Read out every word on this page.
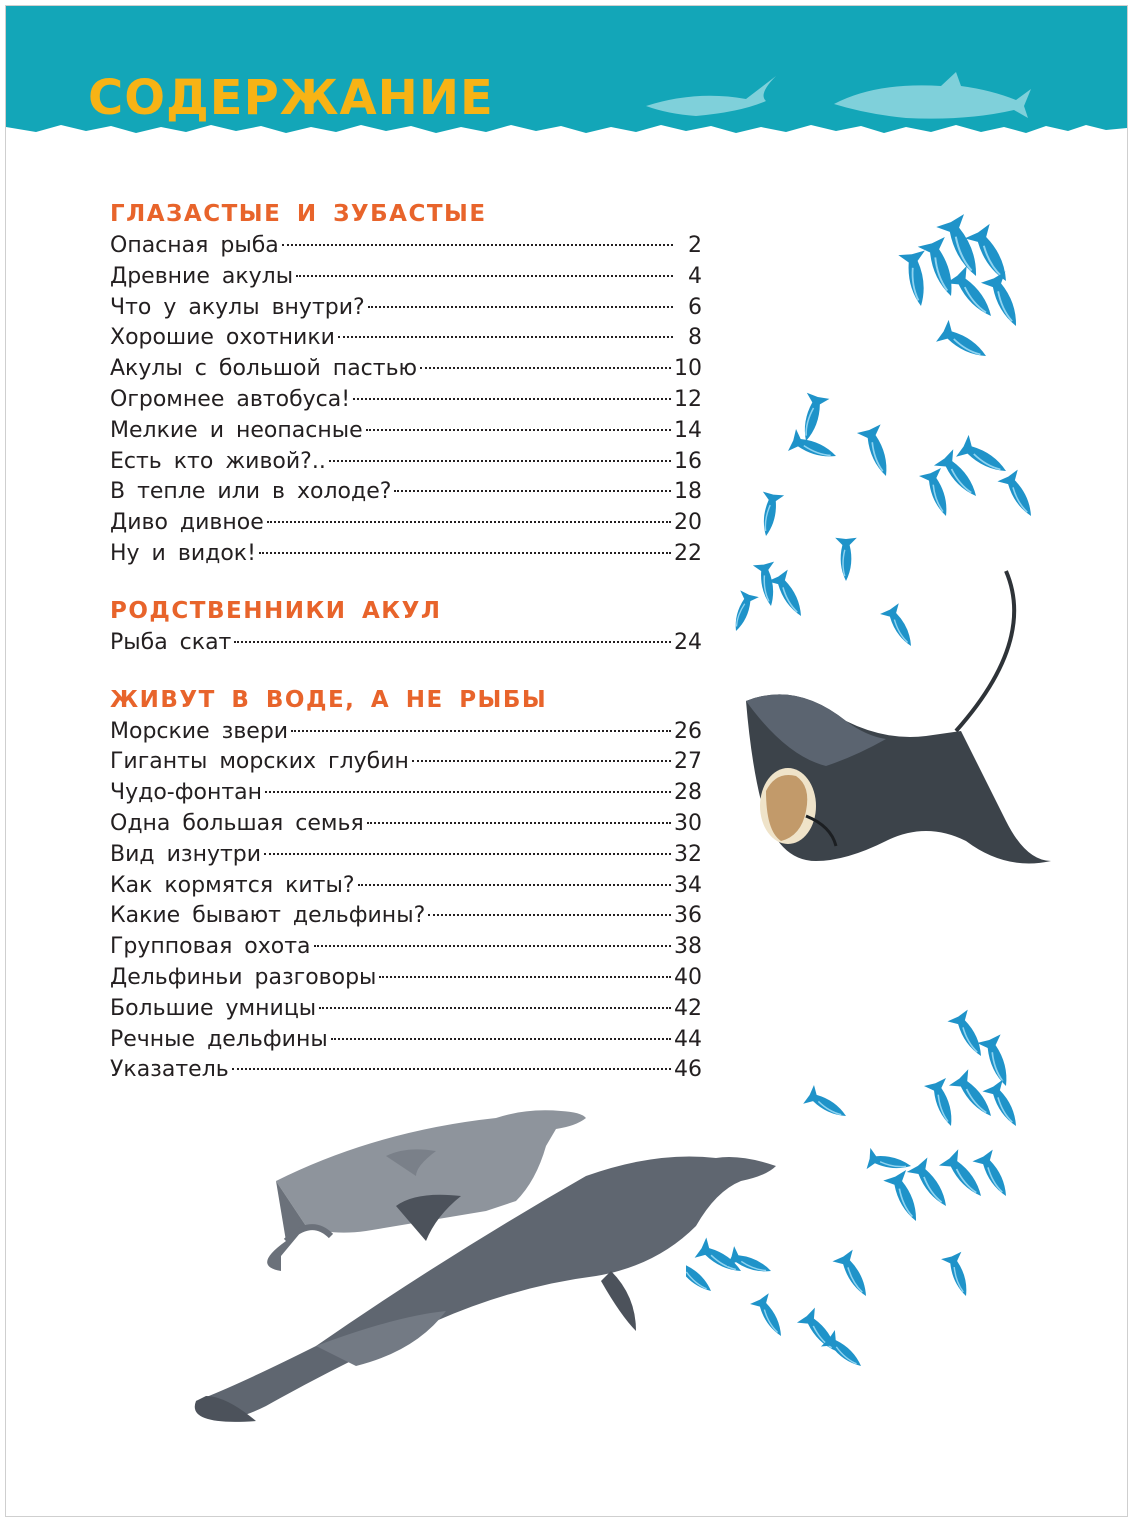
СОДЕРЖАНИЕ
ГЛАЗАСТЫЕ И ЗУБАСТЫЕ
Опасная рыба	2
Древние акулы	4
Что у акулы внутри?	6
Хорошие охотники	8
Акулы с большой пастью	10
Огромнее автобуса!	12
Мелкие и неопасные	14
Есть кто живой?..	16
В тепле или в холоде?	18
Диво дивное	20
Ну и видок!	22
РОДСТВЕННИКИ АКУЛ
Рыба скат	24
ЖИВУТ В ВОДЕ, А НЕ РЫБЫ
Морские звери	26
Гиганты морских глубин	27
Чудо-фонтан	28
Одна большая семья	30
Вид изнутри	32
Как кормятся киты?	34
Какие бывают дельфины?	36
Групповая охота	38
Дельфиньи разговоры	40
Большие умницы	42
Речные дельфины	44
Указатель	46
